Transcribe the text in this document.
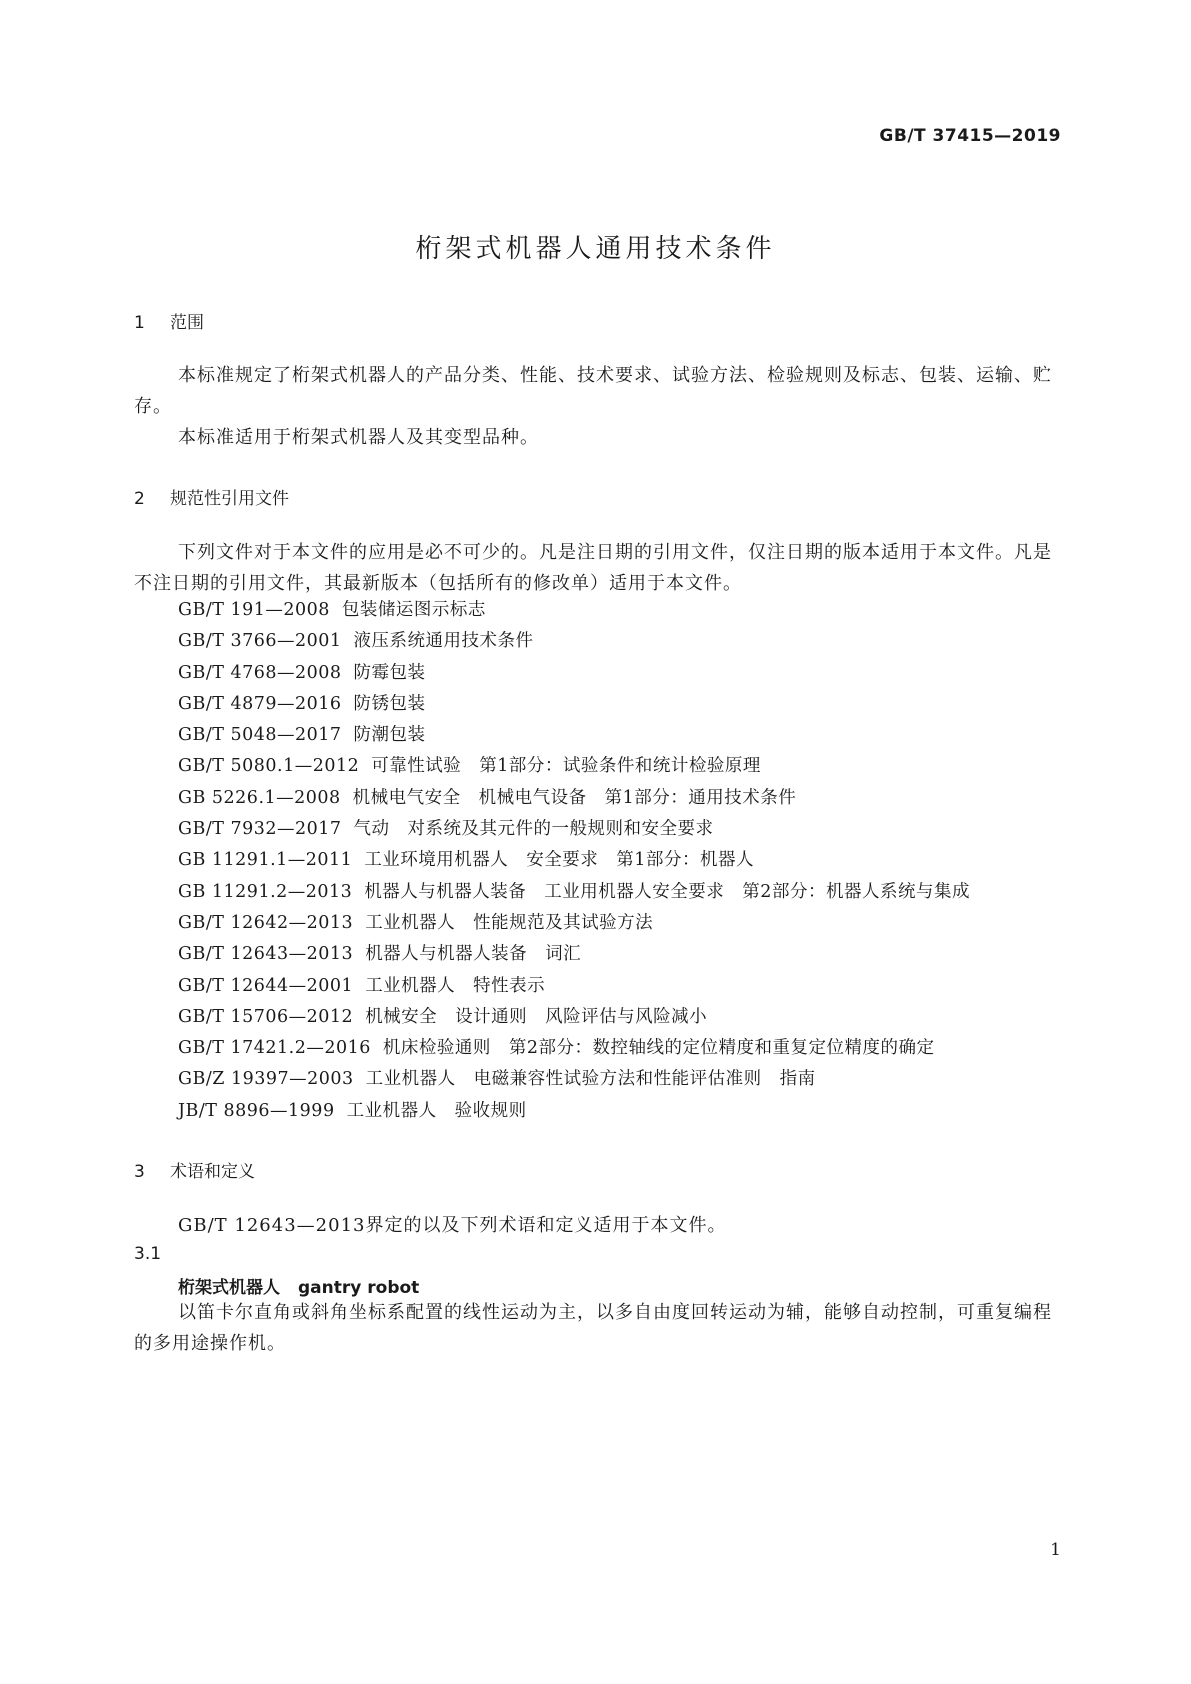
GB/T 37415—2019
桁架式机器人通用技术条件
1 范围

本标准规定了桁架式机器人的产品分类、性能、技术要求、试验方法、检验规则及标志、包装、运输、贮存。

本标准适用于桁架式机器人及其变型品种。

2 规范性引用文件

下列文件对于本文件的应用是必不可少的。凡是注日期的引用文件，仅注日期的版本适用于本文件。凡是不注日期的引用文件，其最新版本（包括所有的修改单）适用于本文件。

GB/T 191—2008 包装储运图示标志
GB/T 3766—2001 液压系统通用技术条件
GB/T 4768—2008 防霉包装
GB/T 4879—2016 防锈包装
GB/T 5048—2017 防潮包装
GB/T 5080.1—2012 可靠性试验　第1部分：试验条件和统计检验原理
GB 5226.1—2008 机械电气安全　机械电气设备　第1部分：通用技术条件
GB/T 7932—2017 气动　对系统及其元件的一般规则和安全要求
GB 11291.1—2011 工业环境用机器人　安全要求　第1部分：机器人
GB 11291.2—2013 机器人与机器人装备　工业用机器人安全要求　第2部分：机器人系统与集成
GB/T 12642—2013 工业机器人　性能规范及其试验方法
GB/T 12643—2013 机器人与机器人装备　词汇
GB/T 12644—2001 工业机器人　特性表示
GB/T 15706—2012 机械安全　设计通则　风险评估与风险减小
GB/T 17421.2—2016 机床检验通则　第2部分：数控轴线的定位精度和重复定位精度的确定
GB/Z 19397—2003 工业机器人　电磁兼容性试验方法和性能评估准则　指南
JB/T 8896—1999 工业机器人　验收规则
3 术语和定义

GB/T 12643—2013界定的以及下列术语和定义适用于本文件。

3.1
桁架式机器人 gantry robot

以笛卡尔直角或斜角坐标系配置的线性运动为主，以多自由度回转运动为辅，能够自动控制，可重复编程的多用途操作机。

1
